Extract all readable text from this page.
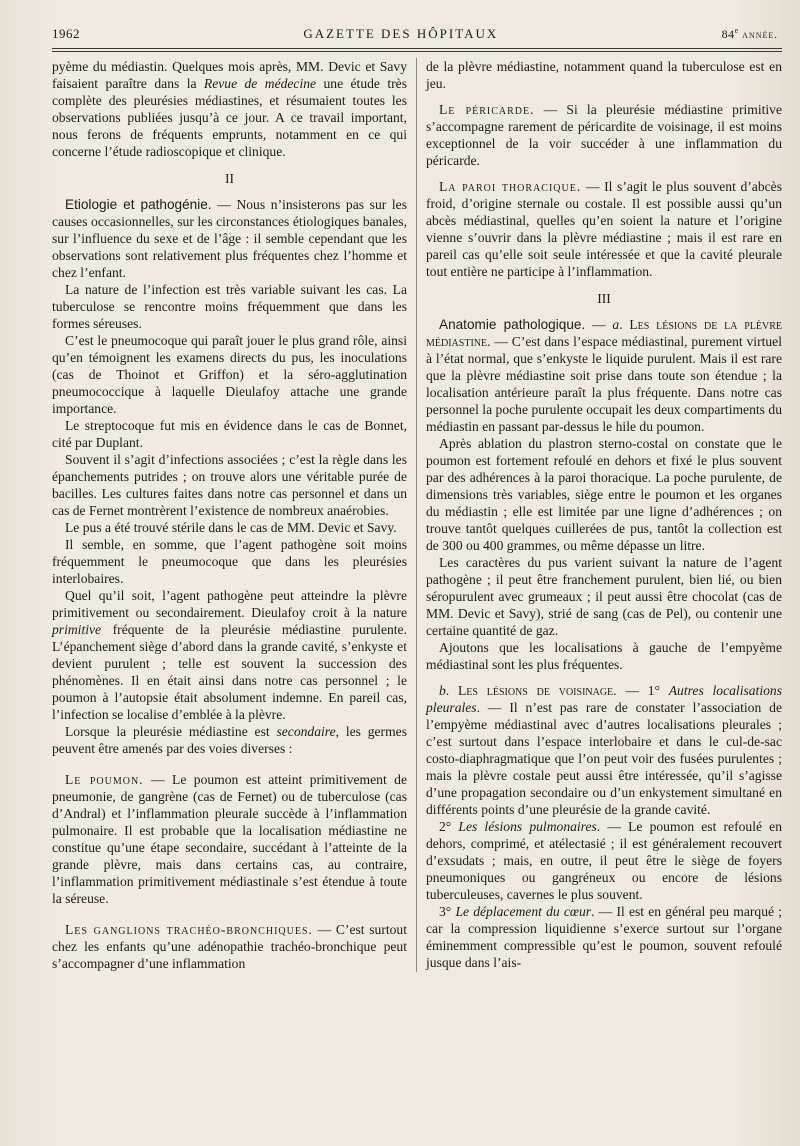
1962	GAZETTE DES HÔPITAUX	84e année.

pyème du médiastin. Quelques mois après, MM. Devic et Savy faisaient paraître dans la Revue de médecine une étude très complète des pleurésies médiastines, et résumaient toutes les observations publiées jusqu’à ce jour. A ce travail important, nous ferons de fréquents emprunts, notamment en ce qui concerne l’étude radioscopique et clinique.

II

Etiologie et pathogénie. — Nous n’insisterons pas sur les causes occasionnelles, sur les circonstances étiologiques banales, sur l’influence du sexe et de l’âge : il semble cependant que les observations sont relativement plus fréquentes chez l’homme et chez l’enfant.

La nature de l’infection est très variable suivant les cas. La tuberculose se rencontre moins fréquemment que dans les formes séreuses.

C’est le pneumocoque qui paraît jouer le plus grand rôle, ainsi qu’en témoignent les examens directs du pus, les inoculations (cas de Thoinot et Griffon) et la séro-agglutination pneumococcique à laquelle Dieulafoy attache une grande importance.

Le streptocoque fut mis en évidence dans le cas de Bonnet, cité par Duplant.

Souvent il s’agit d’infections associées ; c’est la règle dans les épanchements putrides ; on trouve alors une véritable purée de bacilles. Les cultures faites dans notre cas personnel et dans un cas de Fernet montrèrent l’existence de nombreux anaérobies.

Le pus a été trouvé stérile dans le cas de MM. Devic et Savy.

Il semble, en somme, que l’agent pathogène soit moins fréquemment le pneumocoque que dans les pleurésies interlobaires.

Quel qu’il soit, l’agent pathogène peut atteindre la plèvre primitivement ou secondairement. Dieulafoy croit à la nature primitive fréquente de la pleurésie médiastine purulente. L’épanchement siège d’abord dans la grande cavité, s’enkyste et devient purulent ; telle est souvent la succession des phénomènes. Il en était ainsi dans notre cas personnel ; le poumon à l’autopsie était absolument indemne. En pareil cas, l’infection se localise d’emblée à la plèvre.

Lorsque la pleurésie médiastine est secondaire, les germes peuvent être amenés par des voies diverses :

Le poumon. — Le poumon est atteint primitivement de pneumonie, de gangrène (cas de Fernet) ou de tuberculose (cas d’Andral) et l’inflammation pleurale succède à l’inflammation pulmonaire. Il est probable que la localisation médiastine ne constitue qu’une étape secondaire, succédant à l’atteinte de la grande plèvre, mais dans certains cas, au contraire, l’inflammation primitivement médiastinale s’est étendue à toute la séreuse.

Les ganglions trachéo-bronchiques. — C’est surtout chez les enfants qu’une adénopathie trachéo-bronchique peut s’accompagner d’une inflammation

de la plèvre médiastine, notamment quand la tuberculose est en jeu.

Le péricarde. — Si la pleurésie médiastine primitive s’accompagne rarement de péricardite de voisinage, il est moins exceptionnel de la voir succéder à une inflammation du péricarde.

La paroi thoracique. — Il s’agit le plus souvent d’abcès froid, d’origine sternale ou costale. Il est possible aussi qu’un abcès médiastinal, quelles qu’en soient la nature et l’origine vienne s’ouvrir dans la plèvre médiastine ; mais il est rare en pareil cas qu’elle soit seule intéressée et que la cavité pleurale tout entière ne participe à l’inflammation.

III

Anatomie pathologique. — a. Les lésions de la plèvre médiastine. — C’est dans l’espace médiastinal, purement virtuel à l’état normal, que s’enkyste le liquide purulent. Mais il est rare que la plèvre médiastine soit prise dans toute son étendue ; la localisation antérieure paraît la plus fréquente. Dans notre cas personnel la poche purulente occupait les deux compartiments du médiastin en passant par-dessus le hile du poumon.

Après ablation du plastron sterno-costal on constate que le poumon est fortement refoulé en dehors et fixé le plus souvent par des adhérences à la paroi thoracique. La poche purulente, de dimensions très variables, siège entre le poumon et les organes du médiastin ; elle est limitée par une ligne d’adhérences ; on trouve tantôt quelques cuillerées de pus, tantôt la collection est de 300 ou 400 grammes, ou même dépasse un litre.

Les caractères du pus varient suivant la nature de l’agent pathogène ; il peut être franchement purulent, bien lié, ou bien séropurulent avec grumeaux ; il peut aussi être chocolat (cas de MM. Devic et Savy), strié de sang (cas de Pel), ou contenir une certaine quantité de gaz.

Ajoutons que les localisations à gauche de l’empyème médiastinal sont les plus fréquentes.

b. Les lésions de voisinage. — 1° Autres localisations pleurales. — Il n’est pas rare de constater l’association de l’empyème médiastinal avec d’autres localisations pleurales ; c’est surtout dans l’espace interlobaire et dans le cul-de-sac costo-diaphragmatique que l’on peut voir des fusées purulentes ; mais la plèvre costale peut aussi être intéressée, qu’il s’agisse d’une propagation secondaire ou d’un enkystement simultané en différents points d’une pleurésie de la grande cavité.

2° Les lésions pulmonaires. — Le poumon est refoulé en dehors, comprimé, et atélectasié ; il est généralement recouvert d’exsudats ; mais, en outre, il peut être le siège de foyers pneumoniques ou gangréneux ou encore de lésions tuberculeuses, cavernes le plus souvent.

3° Le déplacement du cœur. — Il est en général peu marqué ; car la compression liquidienne s’exerce surtout sur l’organe éminemment compressible qu’est le poumon, souvent refoulé jusque dans l’ais-
